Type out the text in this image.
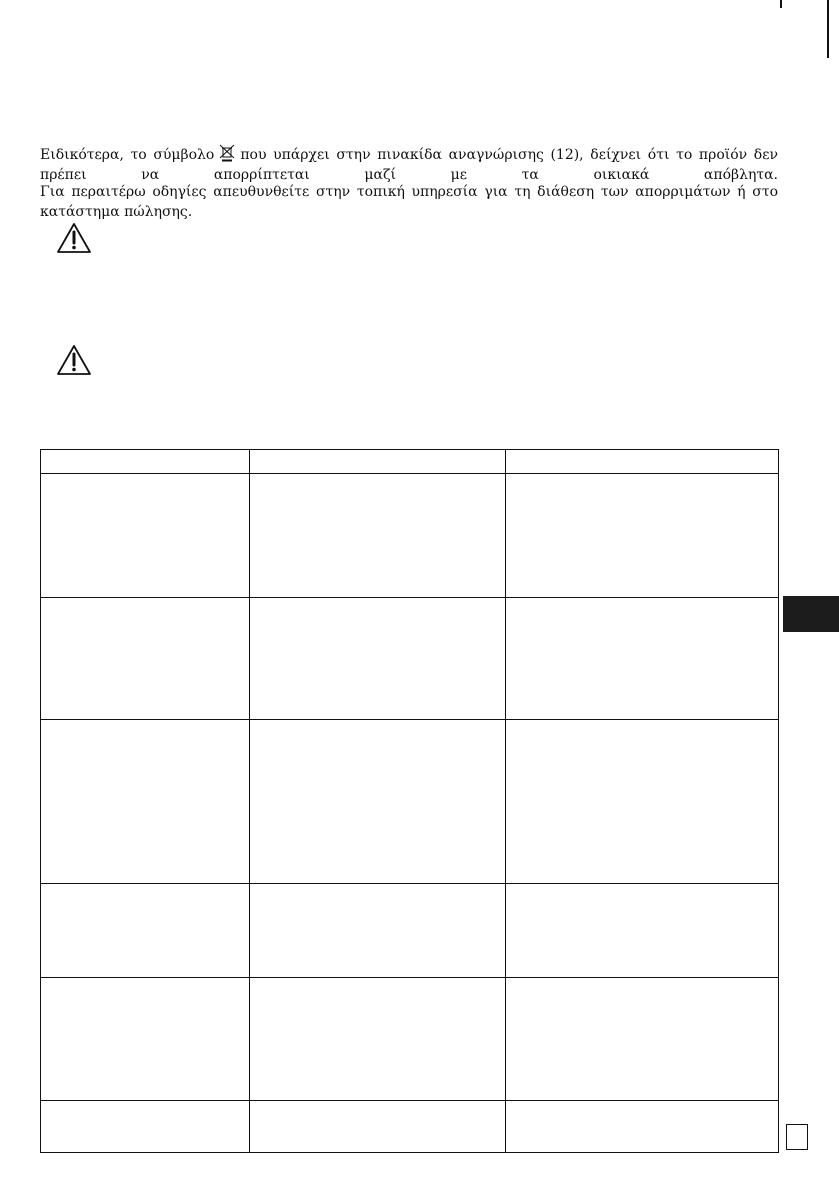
Ειδικότερα, το σύμβολο που υπάρχει στην πινακίδα αναγνώρισης (12), δείχνει ότι το προϊόν δεν πρέπει να απορρίπτεται μαζί με τα οικιακά απόβλητα.

Για περαιτέρω οδηγίες απευθυνθείτε στην τοπική υπηρεσία για τη διάθεση των απορριμάτων ή στο κατάστημα πώλησης.
